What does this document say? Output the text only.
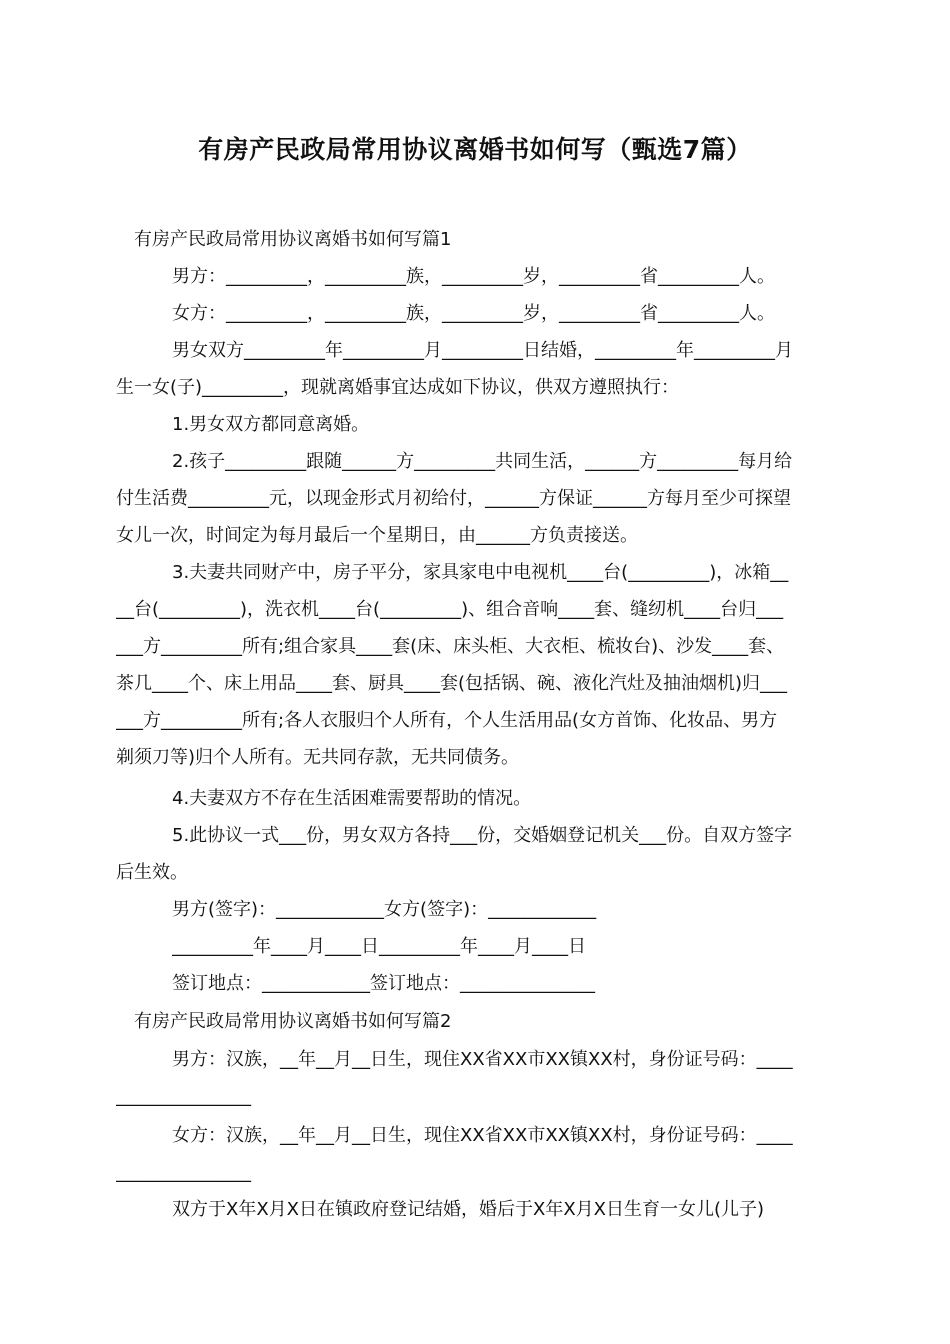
有房产民政局常用协议离婚书如何写（甄选7篇）
有房产民政局常用协议离婚书如何写篇1
男方：_________，_________族，_________岁，_________省_________人。
女方：_________，_________族，_________岁，_________省_________人。
男女双方_________年_________月_________日结婚，_________年_________月
生一女(子)_________，现就离婚事宜达成如下协议，供双方遵照执行：
1.男女双方都同意离婚。
2.孩子_________跟随______方_________共同生活，______方_________每月给
付生活费_________元，以现金形式月初给付，______方保证______方每月至少可探望
女儿一次，时间定为每月最后一个星期日，由______方负责接送。
3.夫妻共同财产中，房子平分，家具家电中电视机____台(_________)，冰箱__
__台(_________)，洗衣机____台(_________)、组合音响____套、缝纫机____台归___
___方_________所有;组合家具____套(床、床头柜、大衣柜、梳妆台)、沙发____套、
茶几____个、床上用品____套、厨具____套(包括锅、碗、液化汽灶及抽油烟机)归___
___方_________所有;各人衣服归个人所有，个人生活用品(女方首饰、化妆品、男方
剃须刀等)归个人所有。无共同存款，无共同债务。
4.夫妻双方不存在生活困难需要帮助的情况。
5.此协议一式___份，男女双方各持___份，交婚姻登记机关___份。自双方签字
后生效。
男方(签字)：____________女方(签字)：____________
_________年____月____日_________年____月____日
签订地点：____________签订地点：_______________
有房产民政局常用协议离婚书如何写篇2
男方：汉族，__年__月__日生，现住XX省XX市XX镇XX村，身份证号码：____
_______________
女方：汉族，__年__月__日生，现住XX省XX市XX镇XX村，身份证号码：____
_______________
双方于X年X月X日在镇政府登记结婚，婚后于X年X月X日生育一女儿(儿子)
